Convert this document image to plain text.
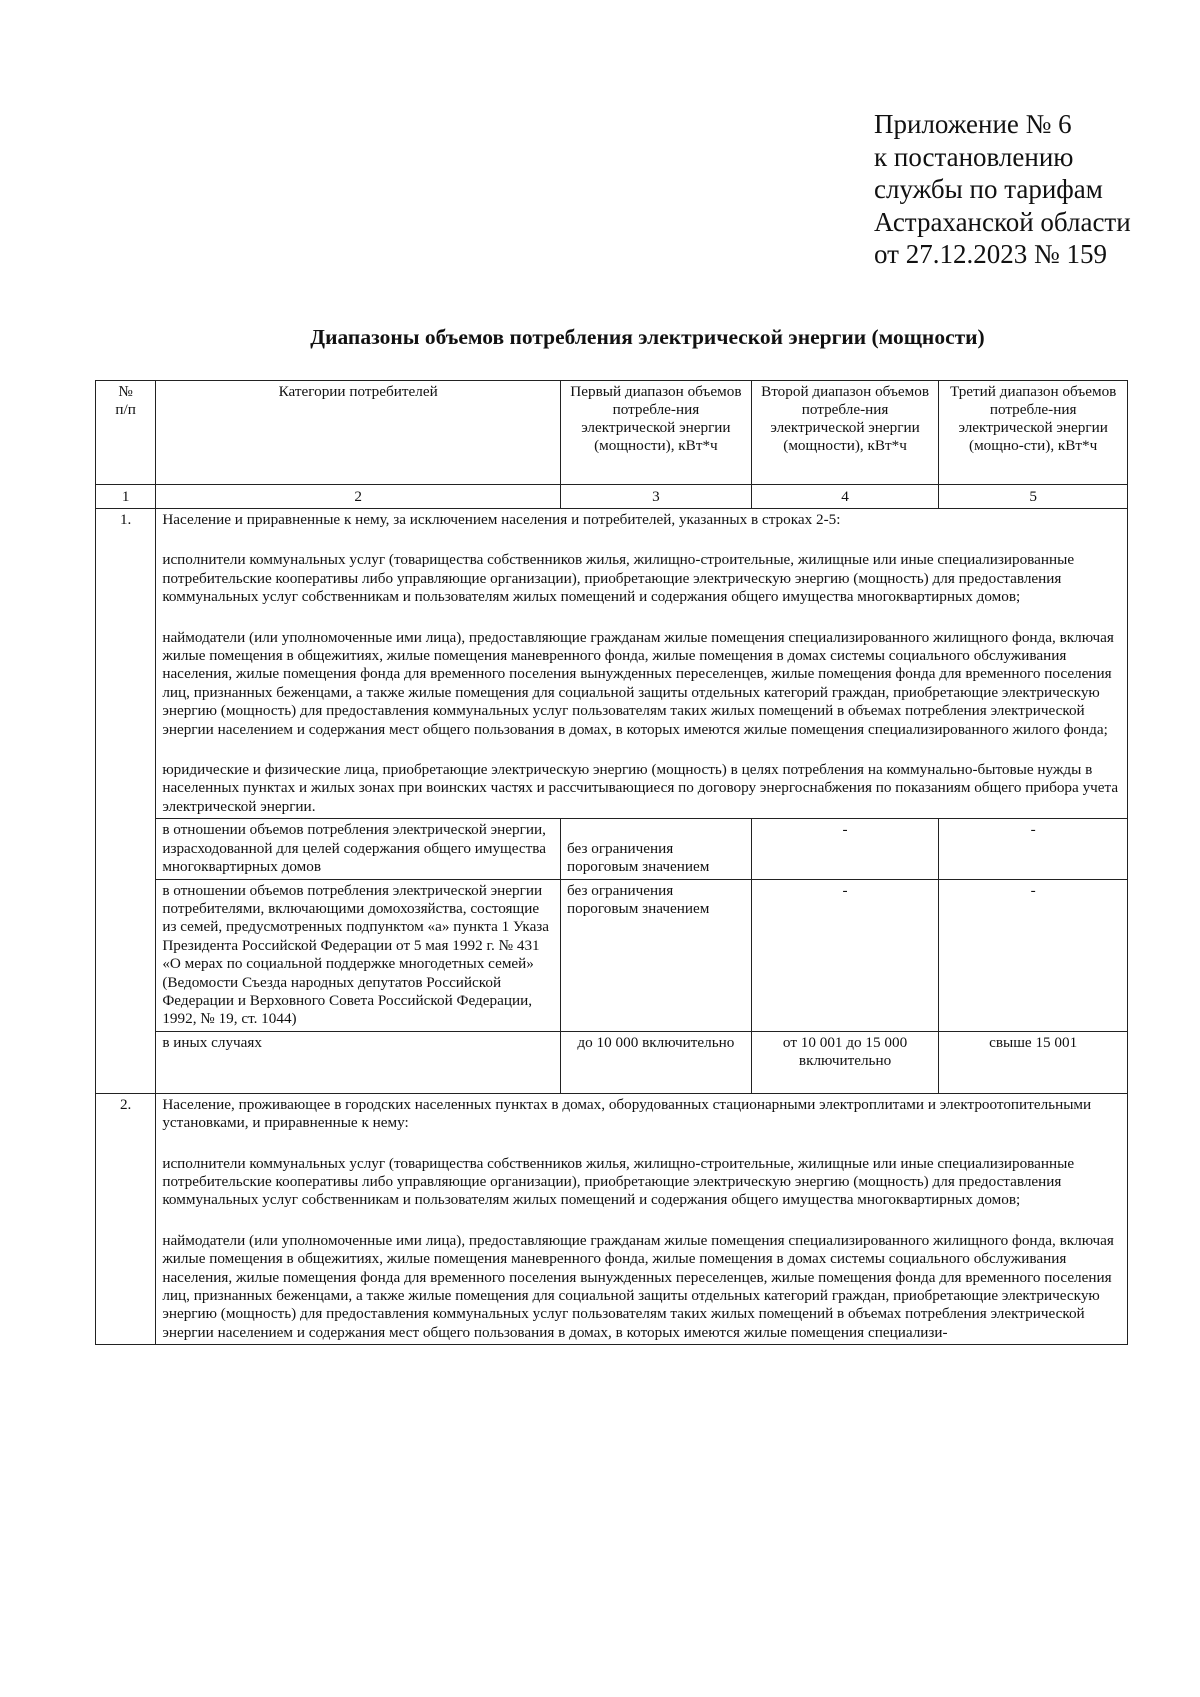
Приложение № 6
к постановлению
службы по тарифам
Астраханской области
от 27.12.2023 № 159
Диапазоны объемов потребления электрической энергии (мощности)
№
п/п	Категории потребителей	Первый диапазон объемов потребле-ния электрической энергии (мощности), кВт*ч	Второй диапазон объемов потребле-ния электрической энергии (мощности), кВт*ч	Третий диапазон объемов потребле-ния электрической энергии (мощно-сти), кВт*ч
1	2	3	4	5
1.	Население и приравненные к нему, за исключением населения и потребителей, указанных в строках 2-5:

исполнители коммунальных услуг (товарищества собственников жилья, жилищно-строительные, жилищные или иные специализированные потребительские кооперативы либо управляющие организации), приобретающие электрическую энергию (мощность) для предоставления коммунальных услуг собственникам и пользователям жилых помещений и содержания общего имущества многоквартирных домов;

наймодатели (или уполномоченные ими лица), предоставляющие гражданам жилые помещения специализированного жилищного фонда, включая жилые помещения в общежитиях, жилые помещения маневренного фонда, жилые помещения в домах системы социального обслуживания населения, жилые помещения фонда для временного поселения вынужденных переселенцев, жилые помещения фонда для временного поселения лиц, признанных беженцами, а также жилые помещения для социальной защиты отдельных категорий граждан, приобретающие электрическую энергию (мощность) для предоставления коммунальных услуг пользователям таких жилых помещений в объемах потребления электрической энергии населением и содержания мест общего пользования в домах, в которых имеются жилые помещения специализированного жилого фонда;

юридические и физические лица, приобретающие электрическую энергию (мощность) в целях потребления на коммунально-бытовые нужды в населенных пунктах и жилых зонах при воинских частях и рассчитывающиеся по договору энергоснабжения по показаниям общего прибора учета электрической энергии.			

	в отношении объемов потребления электрической энергии, израсходованной для целей содержания общего имущества многоквартирных домов	без ограничения пороговым значением	-	-
	в отношении объемов потребления электрической энергии потребителями, включающими домохозяйства, состоящие из семей, предусмотренных подпунктом «а» пункта 1 Указа Президента Российской Федерации от 5 мая 1992 г. № 431 «О мерах по социальной поддержке многодетных семей» (Ведомости Съезда народных депутатов Российской Федерации и Верховного Совета Российской Федерации, 1992, № 19, ст. 1044)	без ограничения пороговым значением	-	-
	в иных случаях	до 10 000 включительно	от 10 001 до 15 000 включительно	свыше 15 001
2.	Население, проживающее в городских населенных пунктах в домах, оборудованных стационарными электроплитами и электроотопительными установками, и приравненные к нему:

исполнители коммунальных услуг (товарищества собственников жилья, жилищно-строительные, жилищные или иные специализированные потребительские кооперативы либо управляющие организации), приобретающие электрическую энергию (мощность) для предоставления коммунальных услуг собственникам и пользователям жилых помещений и содержания общего имущества многоквартирных домов;

наймодатели (или уполномоченные ими лица), предоставляющие гражданам жилые помещения специализированного жилищного фонда, включая жилые помещения в общежитиях, жилые помещения маневренного фонда, жилые помещения в домах системы социального обслуживания населения, жилые помещения фонда для временного поселения вынужденных переселенцев, жилые помещения фонда для временного поселения лиц, признанных беженцами, а также жилые помещения для социальной защиты отдельных категорий граждан, приобретающие электрическую энергию (мощность) для предоставления коммунальных услуг пользователям таких жилых помещений в объемах потребления электрической энергии населением и содержания мест общего пользования в домах, в которых имеются жилые помещения специализи-			
